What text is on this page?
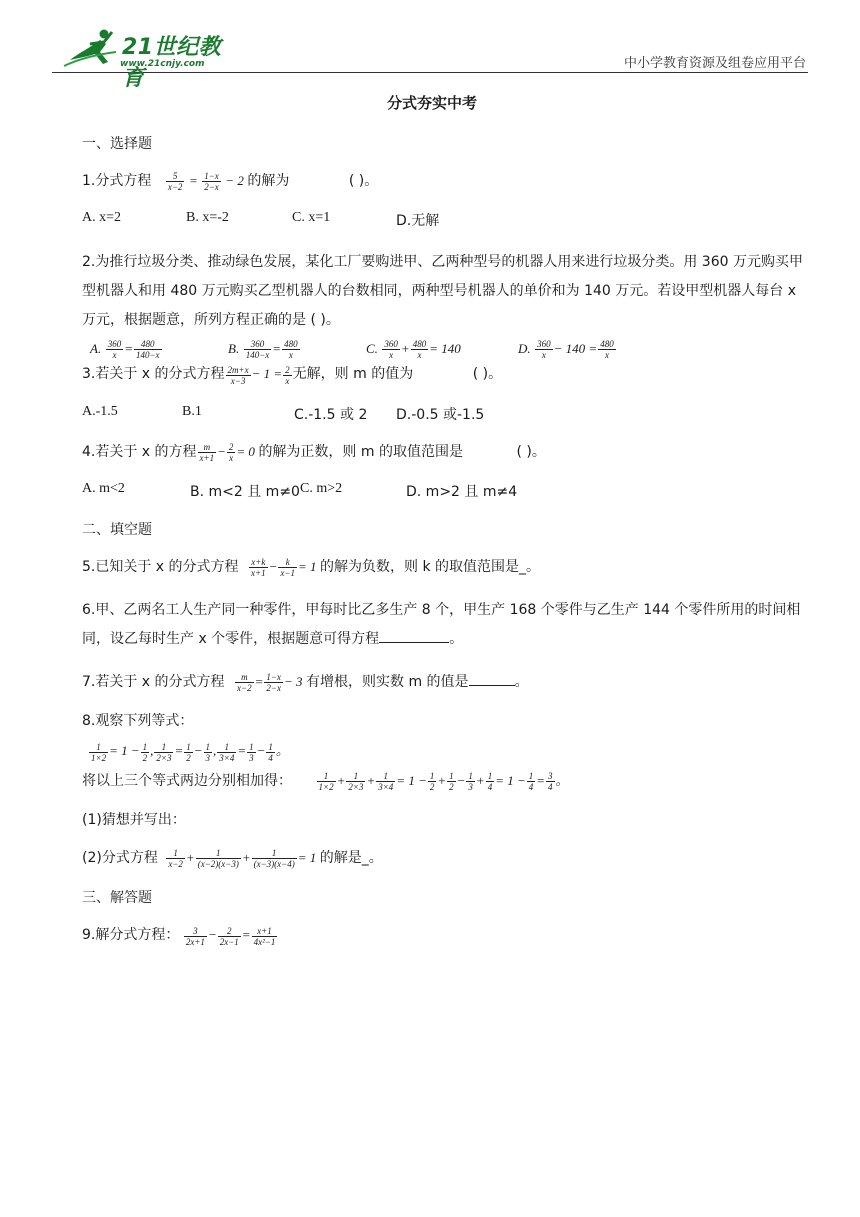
21世纪教育
www.21cnjy.com	中小学教育资源及组卷应用平台
分式夯实中考
一、选择题
1.分式方程 $\frac{5}{x-2} = \frac{1-x}{2-x} - 2$ 的解为	( )。
A. x=2	B. x=-2	C. x=1	D.无解
2.为推行垃圾分类、推动绿色发展，某化工厂要购进甲、乙两种型号的机器人用来进行垃圾分类。用 360 万元购买甲型机器人和用 480 万元购买乙型机器人的台数相同，两种型号机器人的单价和为 140 万元。若设甲型机器人每台 x 万元，根据题意，所列方程正确的是 ( )。
A. $\frac{360}{x} = \frac{480}{140-x}$	B. $\frac{360}{140-x} = \frac{480}{x}$	C. $\frac{360}{x} + \frac{480}{x} = 140$	D. $\frac{360}{x} - 140 = \frac{480}{x}$
3.若关于 x 的分式方程 $\frac{2m+x}{x-3} - 1 = \frac{2}{x}$ 无解，则 m 的值为	( )。
A.-1.5	B.1	C.-1.5 或 2	D.-0.5 或-1.5
4.若关于 x 的方程 $\frac{m}{x+1} - \frac{2}{x} = 0$ 的解为正数，则 m 的取值范围是	( )。
A. m<2	B. m<2 且 m≠0 C. m>2	D. m>2 且 m≠4
二、填空题
5.已知关于 x 的分式方程 $\frac{x+k}{x+1} - \frac{k}{x-1} = 1$ 的解为负数，则 k 的取值范围是_。
6.甲、乙两名工人生产同一种零件，甲每时比乙多生产 8 个，甲生产 168 个零件与乙生产 144 个零件所用的时间相同，设乙每时生产 x 个零件，根据题意可得方程	。
7.若关于 x 的分式方程 $\frac{m}{x-2} = \frac{1-x}{2-x} - 3$ 有增根，则实数 m 的值是	。
8.观察下列等式：
$\frac{1}{1\times 2} = 1 - \frac{1}{2}$ , $\frac{1}{2\times 3} = \frac{1}{2} - \frac{1}{3}$ , $\frac{1}{3\times 4} = \frac{1}{3} - \frac{1}{4}$ 。
将以上三个等式两边分别相加得：	$\frac{1}{1\times 2} + \frac{1}{2\times 3} + \frac{1}{3\times 4} = 1 - \frac{1}{2} + \frac{1}{2} - \frac{1}{3} + \frac{1}{4} = 1 - \frac{1}{4} = \frac{3}{4}$ 。
(1)猜想并写出：
(2)分式方程 $\frac{1}{x-2} + \frac{1}{(x-2)(x-3)} + \frac{1}{(x-3)(x-4)} = 1$ 的解是_。
三、解答题
9.解分式方程： $\frac{3}{2x+1} - \frac{2}{2x-1} = \frac{x+1}{\text{4x²−1}}$
